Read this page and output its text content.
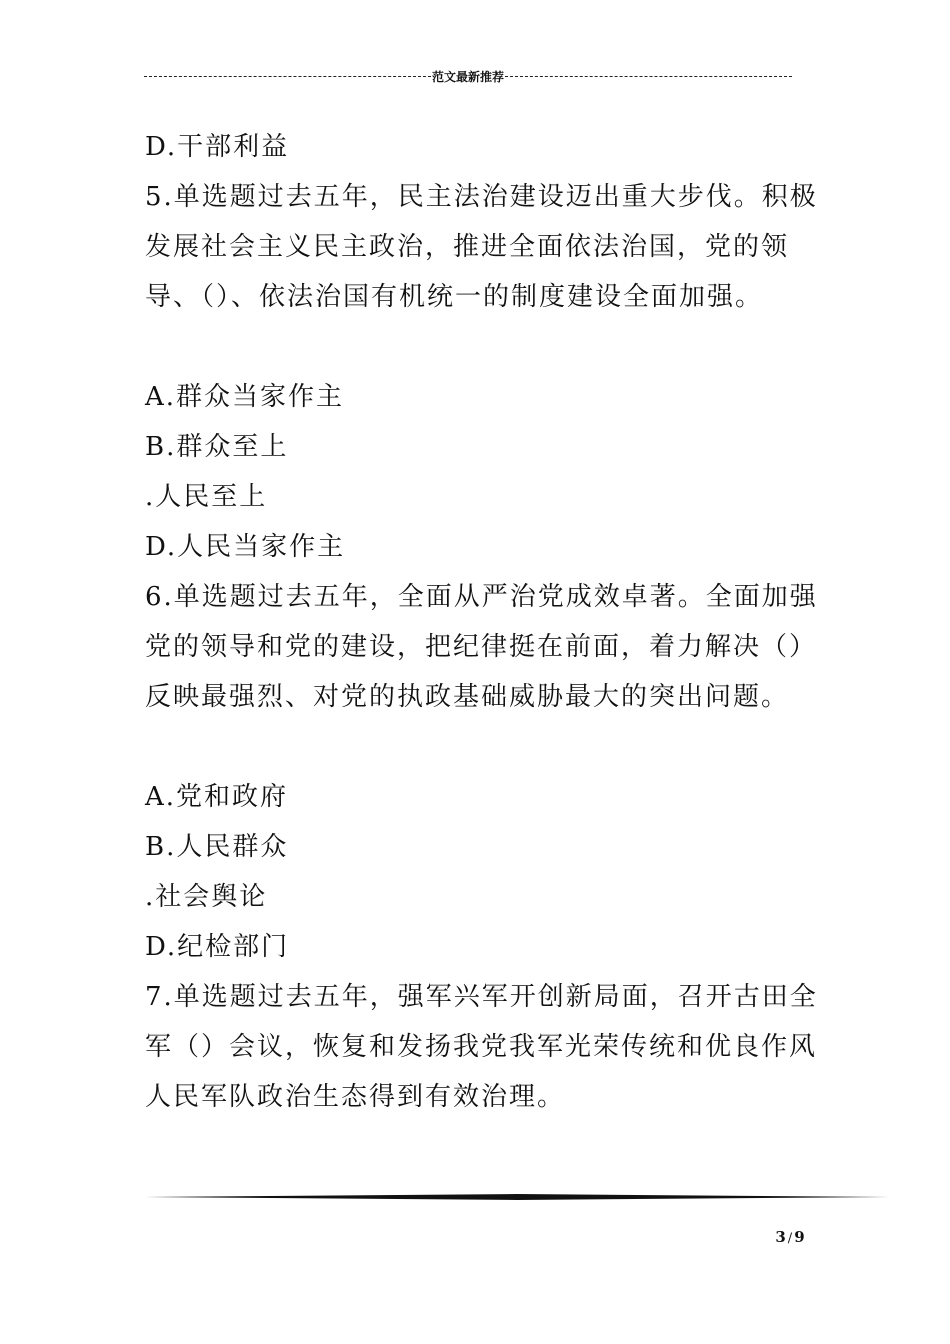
范文最新推荐
D.干部利益
5.单选题过去五年，民主法治建设迈出重大步伐。积极
发展社会主义民主政治，推进全面依法治国，党的领
导、（）、依法治国有机统一的制度建设全面加强。
A.群众当家作主
B.群众至上
.人民至上
D.人民当家作主
6.单选题过去五年，全面从严治党成效卓著。全面加强
党的领导和党的建设，把纪律挺在前面，着力解决（）
反映最强烈、对党的执政基础威胁最大的突出问题。
A.党和政府
B.人民群众
.社会舆论
D.纪检部门
7.单选题过去五年，强军兴军开创新局面，召开古田全
军（）会议，恢复和发扬我党我军光荣传统和优良作风
人民军队政治生态得到有效治理。
3 / 9
